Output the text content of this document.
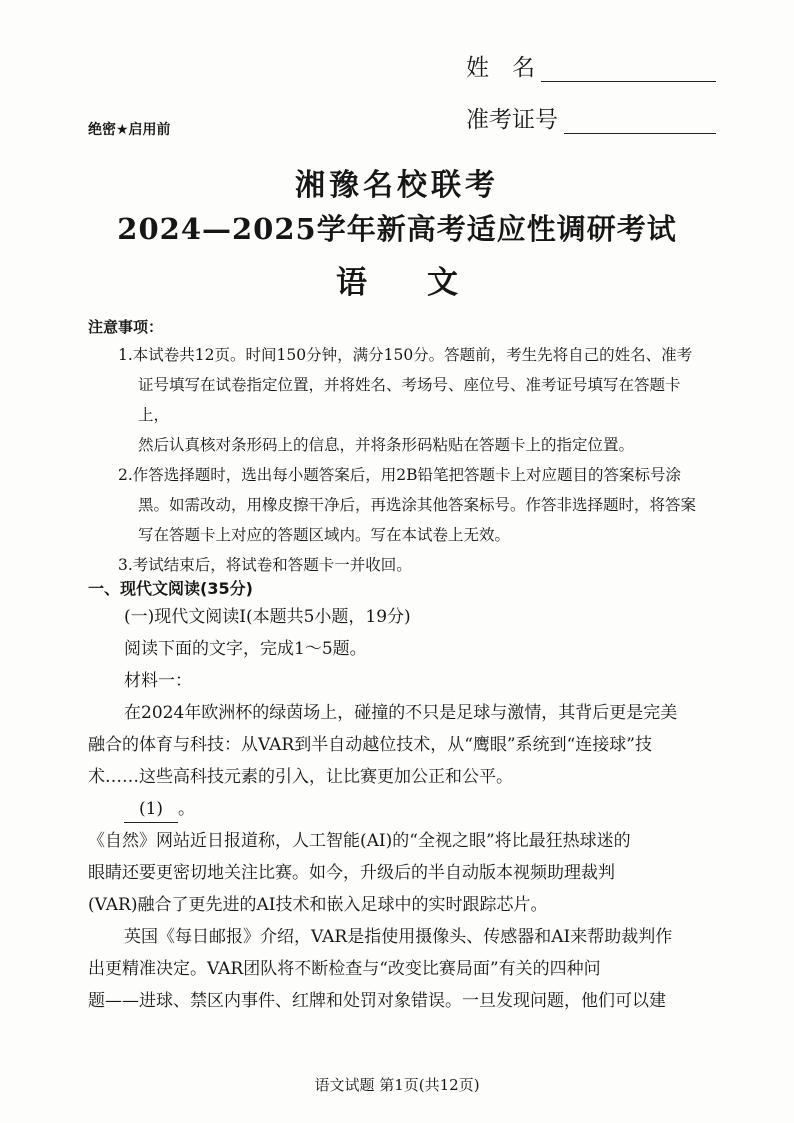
姓　名
准考证号
绝密★启用前
湘豫名校联考
2024—2025学年新高考适应性调研考试
语 文
注意事项：
1.本试卷共12页。时间150分钟，满分150分。答题前，考生先将自己的姓名、准考
证号填写在试卷指定位置，并将姓名、考场号、座位号、准考证号填写在答题卡上，
然后认真核对条形码上的信息，并将条形码粘贴在答题卡上的指定位置。
2.作答选择题时，选出每小题答案后，用2B铅笔把答题卡上对应题目的答案标号涂
黑。如需改动，用橡皮擦干净后，再选涂其他答案标号。作答非选择题时，将答案
写在答题卡上对应的答题区域内。写在本试卷上无效。
3.考试结束后，将试卷和答题卡一并收回。
一、现代文阅读(35分)

(一)现代文阅读Ⅰ(本题共5小题，19分)

阅读下面的文字，完成1～5题。

材料一：

在2024年欧洲杯的绿茵场上，碰撞的不只是足球与激情，其背后更是完美

融合的体育与科技：从VAR到半自动越位技术，从“鹰眼”系统到“连接球”技

术……这些高科技元素的引入，让比赛更加公正和公平。

(1) 。

《自然》网站近日报道称，人工智能(AI)的“全视之眼”将比最狂热球迷的

眼睛还要更密切地关注比赛。如今，升级后的半自动版本视频助理裁判

(VAR)融合了更先进的AI技术和嵌入足球中的实时跟踪芯片。

英国《每日邮报》介绍，VAR是指使用摄像头、传感器和AI来帮助裁判作

出更精准决定。VAR团队将不断检查与“改变比赛局面”有关的四种问

题——进球、禁区内事件、红牌和处罚对象错误。一旦发现问题，他们可以建

语文试题 第1页(共12页)
